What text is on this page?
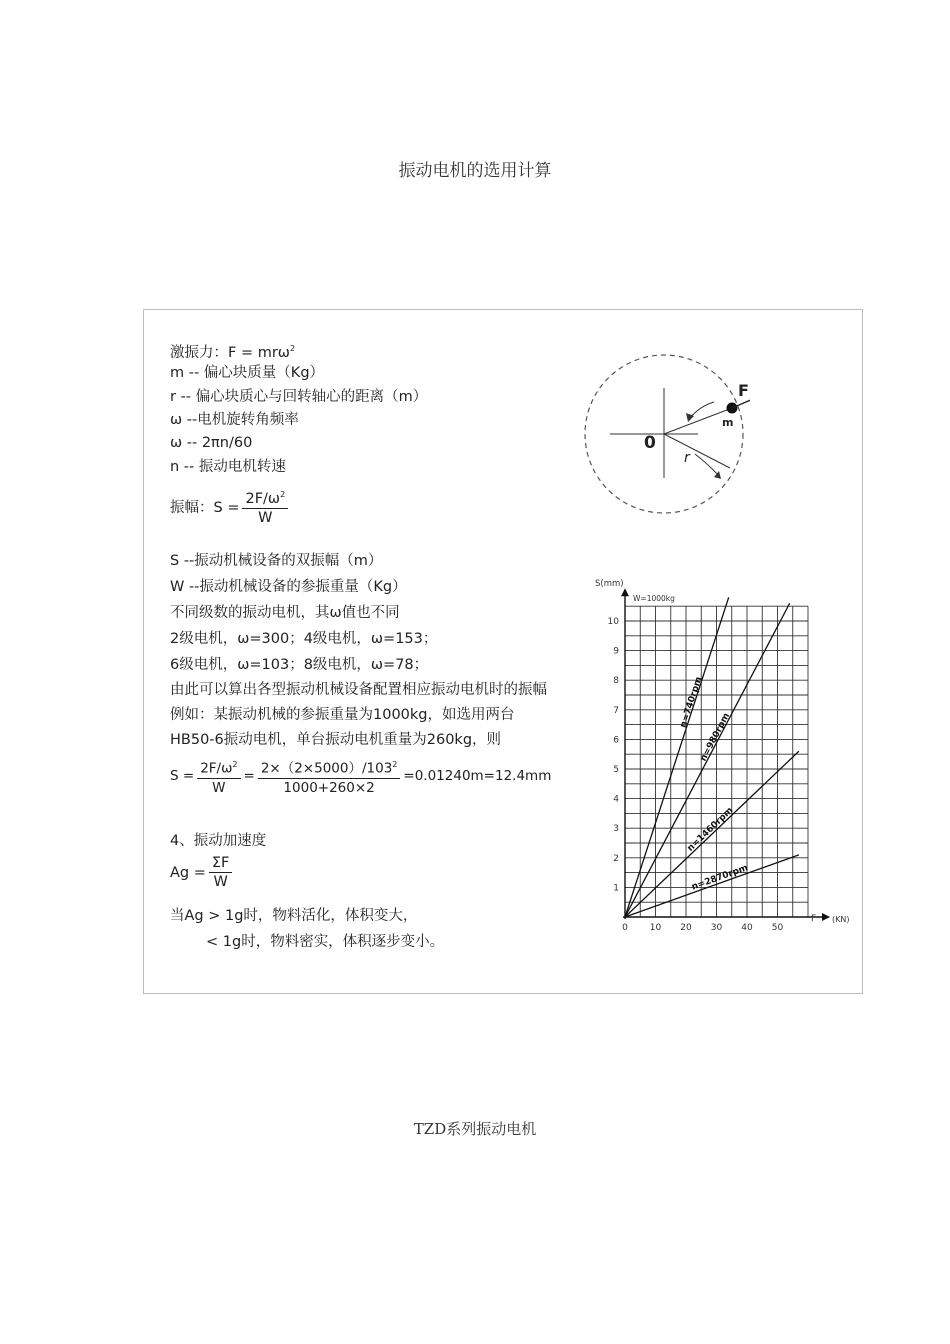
振动电机的选用计算
激振力：F = mrω$^2$
m -- 偏心块质量（Kg）
r -- 偏心块质心与回转轴心的距离（m）
ω --电机旋转角频率
ω -- 2πn/60
n -- 振动电机转速
振幅：$S = \frac{2F/\omega^2}{W}$
S --振动机械设备的双振幅（m）
W --振动机械设备的参振重量（Kg）
不同级数的振动电机，其ω值也不同
2级电机，ω=300；4级电机，ω=153；
6级电机，ω=103；8级电机，ω=78；
由此可以算出各型振动机械设备配置相应振动电机时的振幅
例如：某振动机械的参振重量为1000kg，如选用两台
HB50-6振动电机，单台振动电机重量为260kg，则
$S = \frac{2F/\omega^2}{W} = \frac{2\times(2\times 5000)/103^2}{1000+260\times 2} =0.01240m=12.4mm$
4、振动加速度
$Ag = \frac{\Sigma F}{W}$
当Ag > 1g时，物料活化，体积变大，
< 1g时，物料密实，体积逐步变小。
0
F
m
r
0 10 20 30 40 50
1
2
3
4
5
6
7
8
9
10
S(mm)
W=1000kg
F (KN)
n=740rpm
n=980rpm
n=1460rpm
n=2870rpm
TZD系列振动电机
